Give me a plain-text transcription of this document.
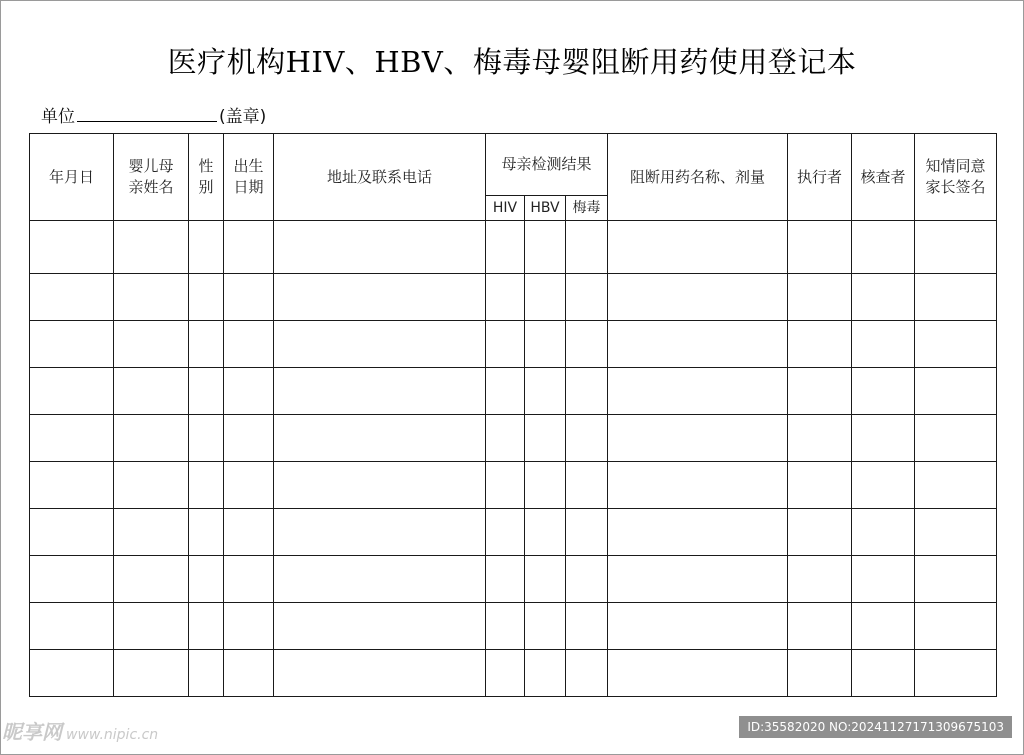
医疗机构HIV、HBV、梅毒母婴阻断用药使用登记本
单位	(盖章)
年月日	婴儿母亲姓名	性别	出生日期	地址及联系电话	母亲检测结果			阻断用药名称、剂量	执行者	核查者	知情同意家长签名
					HIV	HBV	梅毒				

昵享网 www.nipic.cn	ID:35582020 NO:20241127171309675103
